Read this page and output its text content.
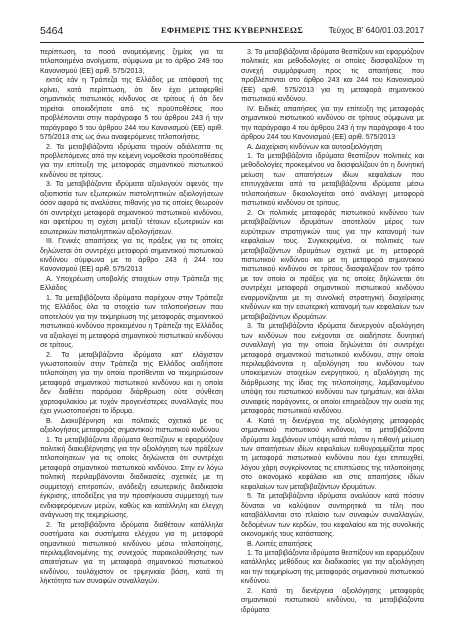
5464	ΕΦΗΜΕΡΙΣ ΤΗΣ ΚΥΒΕΡΝΗΣΕΩΣ	Τεύχος Β' 640/01.03.2017

περίπτωση, τα ποσά ανομειόμενης ζημίας για τα τιτλοποιημένα ανοίγματα, σύμφωνα με το άρθρο 249 του Κανονισμού (ΕΕ) αριθ. 575/2013,

εκτός εάν η Τράπεζα της Ελλάδος με απόφασή της κρίνει, κατά περίπτωση, ότι δεν έχει μεταφερθεί σημαντικός πιστωτικός κίνδυνος σε τρίτους ή ότι δεν τηρείται οποιαδήποτε από τις προϋποθέσεις που προβλέπονται στην παράγραφο 5 του άρθρου 243 ή την παράγραφο 5 του άρθρου 244 του Κανονισμού (ΕΕ) αριθ. 575/2013 στις ως άνω αναφερόμενες τιτλοποιήσεις.

2. Τα μεταβιβάζοντα ιδρύματα τηρούν αδιάλειπτα τις προβλεπόμενες από την κείμενη νομοθεσία προϋποθέσεις για την επίτευξη της μεταφοράς σημαντικού πιστωτικού κινδύνου σε τρίτους.

3. Τα μεταβιβάζοντα ιδρύματα αξιολογούν αφενός την αξιοπιστία των εξωτερικών πιστοληπτικών αξιολογήσεων όσον αφορά τις αναλύσεις πιθανής για τις οποίες θεωρούν ότι συντρέχει μεταφορά σημαντικού πιστωτικού κινδύνου, και αφετέρου τη σχέση μεταξύ τέτοιων εξωτερικών και εσωτερικών πιστοληπτικών αξιολογήσεων.

III. Γενικές απαιτήσεις για τις πράξεις για τις οποίες δηλώνεται ότι συντρέχει μεταφορά σημαντικού πιστωτικού κινδύνου σύμφωνα με το άρθρο 243 ή 244 του Κανονισμού (ΕΕ) αριθ. 575/2013

Α. Υποχρέωση υποβολής στοιχείων στην Τράπεζα της Ελλάδος

1. Τα μεταβιβάζοντα ιδρύματα παρέχουν στην Τράπεζα της Ελλάδος όλα τα στοιχεία των τιτλοποιήσεων που αποτελούν για την τεκμηρίωση της μεταφοράς σημαντικού πιστωτικού κινδύνου προκειμένου η Τράπεζα της Ελλάδος να αξιολογεί τη μεταφορά σημαντικού πιστωτικού κινδύνου σε τρίτους.

2. Τα μεταβιβάζοντα ιδρύματα κατ' ελάχιστον γνωστοποιούν στην Τράπεζα της Ελλάδος οιαδήποτε τιτλοποίηση για την οποία προτίθενται να τεκμηριώσουν μεταφορά σημαντικού πιστωτικού κινδύνου και η οποία δεν διαθέτει παρόμοια διάρθρωση ούτε σύνθεση χαρτοφυλακίου με τυχόν προγενέστερες συναλλαγές που έχει γνωστοποιήσει το ίδρυμα.

Β. Διακυβέρνηση και πολιτικές σχετικά με τις αξιολογήσεις μεταφοράς σημαντικού πιστωτικού κινδύνου

1. Τα μεταβιβάζοντα ιδρύματα θεσπίζουν κι εφαρμόζουν πολιτική διακυβέρνησης για την αξιολόγηση των πράξεων τιτλοποίησεων για τις οποίες δηλώνεται ότι συντρέχει μεταφορά σημαντικού πιστωτικού κινδύνου. Στην εν λόγω πολιτική περιλαμβάνονται διαδικασίες σχετικές με τη συμμετοχή επιτροπών, ανάδειξη εσωτερικής διαδικασία έγκρισης, αποδείξεις για την προσήκουσα συμμετοχή των ενδιαφερόμενων μερών, καθώς και κατάλληλη και έλεγχη ανάγνωση της τεκμηρίωσης.

2. Τα μεταβιβάζοντα ιδρύματα διαθέτουν κατάλληλα συστήματα και συστήματα ελέγχου για τη μεταφορά σημαντικού πιστωτικού κινδύνου μέσω τιτλοποίησης, περιλαμβανομένης της συνεχούς παρακολούθησης των απαιτήσεων για τη μεταφορά σημαντικού πιστωτικού κινδύνου, τουλάχιστον σε τριμηνιαία βάση, κατά τη λήκτότητα των συναφών συναλλαγών.

3. Τα μεταβιβάζοντα ιδρύματα θεσπίζουν και εφαρμόζουν πολιτικές και μεθοδολογίες οι οποίες διασφαλίζουν τη συνεχή συμμόρφωση προς τις απαιτήσεις που προβλέπονται στο άρθρο 243 και 244 του Κανονισμού (ΕΕ) αριθ. 575/2013 για τη μεταφορά σημαντικού πιστωτικού κινδύνου.

IV. Ειδικές απαιτήσεις για την επίτευξη της μεταφοράς σημαντικού πιστωτικού κινδύνου σε τρίτους σύμφωνα με την παράγραφο 4 του άρθρου 243 ή την παράγραφο 4 του άρθρου 244 του Κανονισμού (ΕΕ) αριθ. 575/2013

Α. Διαχείριση κινδύνων και αυτοαξιολόγηση

1. Τα μεταβιβάζοντα ιδρύματα θεσπίζουν πολιτικές και μεθοδολογίες προκειμένου να διασφαλίζουν ότι η δυνητική μείωση των απαιτήσεων ιδίων κεφαλαίων που επιτυγχάνεται από τα μεταβιβάζοντα ιδρύματα μέσω τιτλοποιήσεων δικαιολογείται από ανάλογη μεταφορά πιστωτικού κινδύνου σε τρίτους.

2. Οι πολιτικές μεταφοράς πιστωτικού κινδύνου των μεταβιβαζόντων ιδρυμάτων αποτελούν μέρος των ευρύτερων στρατηγικών τους για την κατανομή των κεφαλαίων τους. Συγκεκριμένα, οι πολιτικές των μεταβιβαζόντων ιδρυμάτων σχετικά με τη μεταφορά πιστωτικού κινδύνου και με τη μεταφορά σημαντικού πιστωτικού κινδύνου σε τρίτους διασφαλίζουν τον τρόπο με τον οποίο οι πράξεις για τις οποίες δηλώνεται ότι συντρέχει μεταφορά σημαντικού πιστωτικού κινδύνου εναρμονίζονται με τη συνολική στρατηγική διαχείρισης κινδύνων και την εσωτερική κατανομή των κεφαλαίων των μεταβιβαζόντων ιδρυμάτων.

3. Τα μεταβιβάζοντα ιδρύματα διενεργούν αξιολόγηση των κινδύνων που ενέχονται σε οιαδήποτε δυνητική συναλλαγή για την οποία δηλώνεται ότι συντρέχει μεταφορά σημαντικού πιστωτικού κινδύνου, στην οποία περιλαμβάνονται η αξιολόγηση του κινδύνου των υποκείμενων στοιχείων ενεργητικού, η αξιολόγηση της διάρθρωσης της ίδιας της τιτλοποίησης, λαμβανομένου υπόψη του πιστωτικού κινδύνου των τμημάτων, και άλλοι συναφείς παράγοντες, οι οποίοι επηρεάζουν την ουσία της μεταφοράς πιστωτικού κινδύνου.

4. Κατά τη διενέργεια της αξιολόγησης μεταφοράς σημαντικού πιστωτικού κινδύνου, τα μεταβιβάζοντα ιδρύματα λαμβάνουν υπόψη κατά πόσον η πιθανή μείωση των απαιτήσεων ιδίων κεφαλαίων ευθυγραμμίζεται προς τη μεταφορά πιστωτικού κινδύνου που έχει επιτευχθεί, λόγου χάρη συγκρίνοντας τις επιπτώσεις της τιτλοποίησης στο οικονομικό κεφάλαιο και στις απαιτήσεις ιδίων κεφαλαίων των μεταβιβαζόντων ιδρυμάτων.

5. Τα μεταβιβάζοντα ιδρύματα αναλύουν κατά πόσον δύναται να καλύψουν συντηρητικά τα τέλη που καταβάλλονται στο πλαίσιο των συναφών συναλλαγών, δεδομένων των κερδών, του κεφαλαίου και της συνολικής οικονομικής τους κατάστασης.

Β. Λοιπές απαιτήσεις

1. Τα μεταβιβάζοντα ιδρύματα θεσπίζουν και εφαρμόζουν κατάλληλες μεθόδους και διαδικασίες για την αξιολόγηση και την τεκμηρίωση της μεταφοράς σημαντικού πιστωτικού κινδύνου.

2. Κατά τη διενέργεια αξιολόγησης μεταφοράς σημαντικού πιστωτικού κινδύνου, τα μεταβιβάζοντα ιδρύματα
